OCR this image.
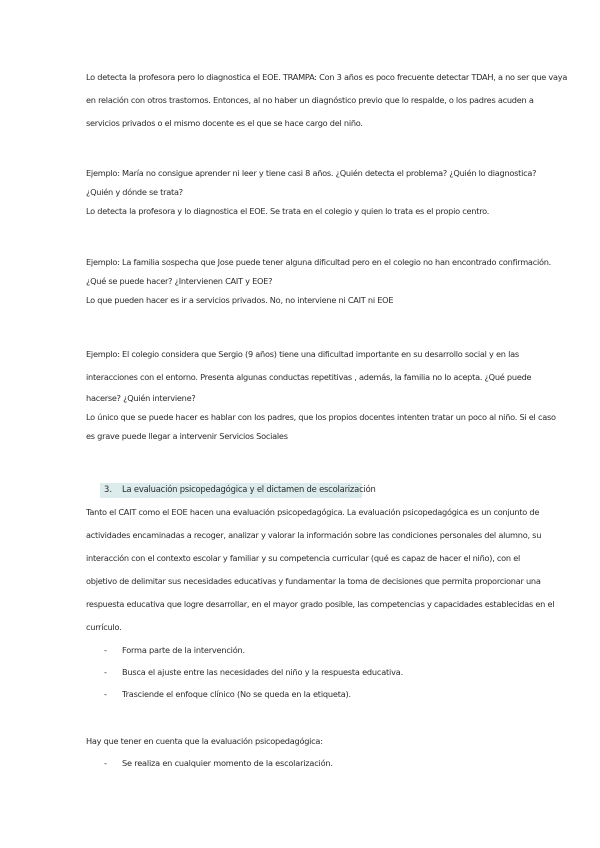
Lo detecta la profesora pero lo diagnostica el EOE. TRAMPA: Con 3 años es poco frecuente detectar TDAH, a no ser que vaya
en relación con otros trastornos. Entonces, al no haber un diagnóstico previo que lo respalde, o los padres acuden a
servicios privados o el mismo docente es el que se hace cargo del niño.
Ejemplo: María no consigue aprender ni leer y tiene casi 8 años. ¿Quién detecta el problema? ¿Quién lo diagnostica?
¿Quién y dónde se trata?
Lo detecta la profesora y lo diagnostica el EOE. Se trata en el colegio y quien lo trata es el propio centro.
Ejemplo: La familia sospecha que Jose puede tener alguna dificultad pero en el colegio no han encontrado confirmación.
¿Qué se puede hacer? ¿Intervienen CAIT y EOE?
Lo que pueden hacer es ir a servicios privados. No, no interviene ni CAIT ni EOE
Ejemplo: El colegio considera que Sergio (9 años) tiene una dificultad importante en su desarrollo social y en las
interacciones con el entorno. Presenta algunas conductas repetitivas , además, la familia no lo acepta. ¿Qué puede
hacerse? ¿Quién interviene?
Lo único que se puede hacer es hablar con los padres, que los propios docentes intenten tratar un poco al niño. Si el caso
es grave puede llegar a intervenir Servicios Sociales
3. La evaluación psicopedagógica y el dictamen de escolarización
Tanto el CAIT como el EOE hacen una evaluación psicopedagógica. La evaluación psicopedagógica es un conjunto de
actividades encaminadas a recoger, analizar y valorar la información sobre las condiciones personales del alumno, su
interacción con el contexto escolar y familiar y su competencia curricular (qué es capaz de hacer el niño), con el
objetivo de delimitar sus necesidades educativas y fundamentar la toma de decisiones que permita proporcionar una
respuesta educativa que logre desarrollar, en el mayor grado posible, las competencias y capacidades establecidas en el
currículo.
- Forma parte de la intervención.
- Busca el ajuste entre las necesidades del niño y la respuesta educativa.
- Trasciende el enfoque clínico (No se queda en la etiqueta).
Hay que tener en cuenta que la evaluación psicopedagógica:
- Se realiza en cualquier momento de la escolarización.
